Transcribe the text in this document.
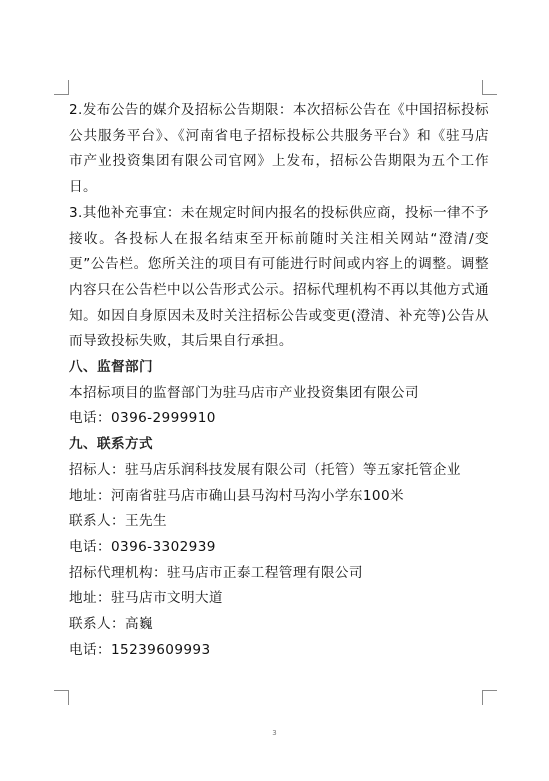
2.发布公告的媒介及招标公告期限：本次招标公告在《中国招标投标公共服务平台》、《河南省电子招标投标公共服务平台》和《驻马店市产业投资集团有限公司官网》上发布，招标公告期限为五个工作日。

3.其他补充事宜：未在规定时间内报名的投标供应商，投标一律不予接收。各投标人在报名结束至开标前随时关注相关网站“澄清/变更”公告栏。您所关注的项目有可能进行时间或内容上的调整。调整内容只在公告栏中以公告形式公示。招标代理机构不再以其他方式通知。如因自身原因未及时关注招标公告或变更(澄清、补充等)公告从而导致投标失败，其后果自行承担。

八、监督部门

本招标项目的监督部门为驻马店市产业投资集团有限公司

电话：0396-2999910

九、联系方式

招标人：驻马店乐润科技发展有限公司（托管）等五家托管企业

地址：河南省驻马店市确山县马沟村马沟小学东100米

联系人：王先生

电话：0396-3302939

招标代理机构：驻马店市正泰工程管理有限公司

地址：驻马店市文明大道

联系人：高巍

电话：15239609993

3
